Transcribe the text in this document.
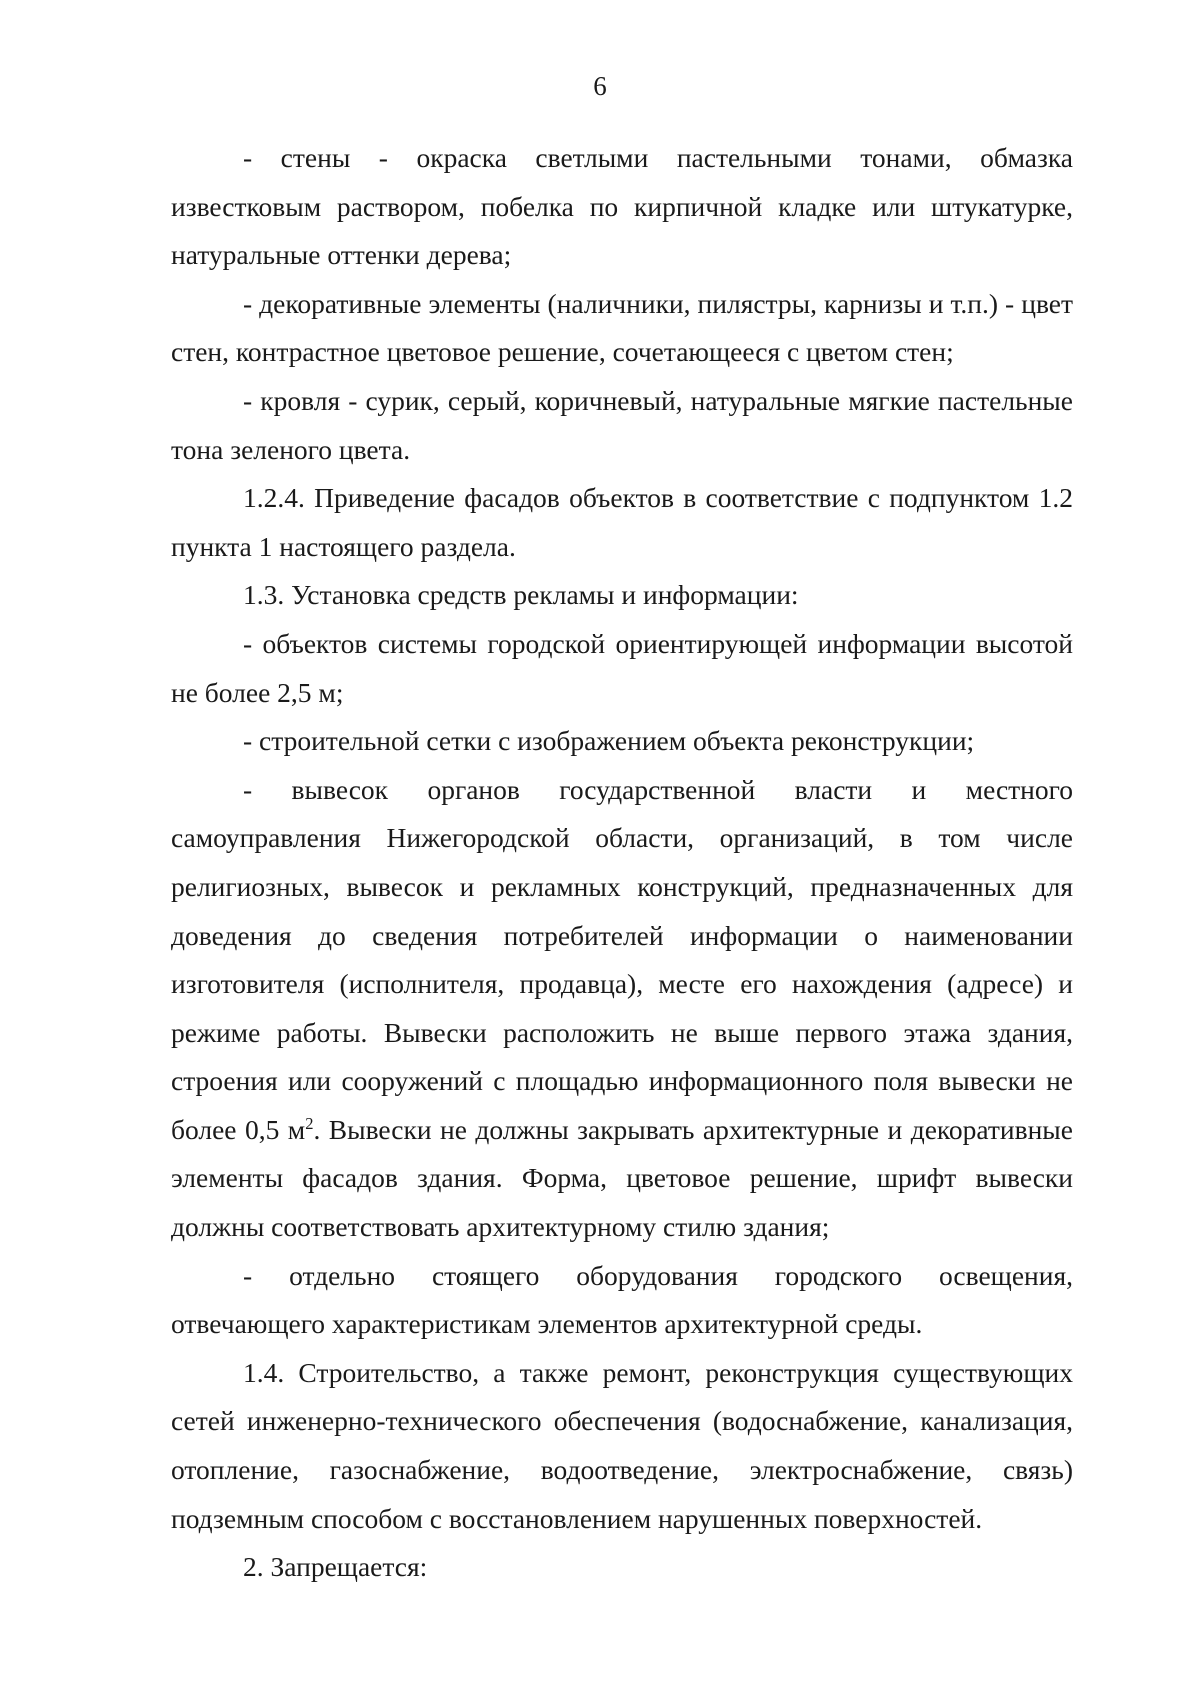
6

- стены - окраска светлыми пастельными тонами, обмазка известковым раствором, побелка по кирпичной кладке или штукатурке, натуральные оттенки дерева;

- декоративные элементы (наличники, пилястры, карнизы и т.п.) - цвет стен, контрастное цветовое решение, сочетающееся с цветом стен;

- кровля - сурик, серый, коричневый, натуральные мягкие пастельные тона зеленого цвета.

1.2.4. Приведение фасадов объектов в соответствие с подпунктом 1.2 пункта 1 настоящего раздела.

1.3. Установка средств рекламы и информации:

- объектов системы городской ориентирующей информации высотой не более 2,5 м;

- строительной сетки с изображением объекта реконструкции;

- вывесок органов государственной власти и местного самоуправления Нижегородской области, организаций, в том числе религиозных, вывесок и рекламных конструкций, предназначенных для доведения до сведения потребителей информации о наименовании изготовителя (исполнителя, продавца), месте его нахождения (адресе) и режиме работы. Вывески расположить не выше первого этажа здания, строения или сооружений с площадью информационного поля вывески не более 0,5 $м^2$. Вывески не должны закрывать архитектурные и декоративные элементы фасадов здания. Форма, цветовое решение, шрифт вывески должны соответствовать архитектурному стилю здания;

- отдельно стоящего оборудования городского освещения, отвечающего характеристикам элементов архитектурной среды.

1.4. Строительство, а также ремонт, реконструкция существующих сетей инженерно-технического обеспечения (водоснабжение, канализация, отопление, газоснабжение, водоотведение, электроснабжение, связь) подземным способом с восстановлением нарушенных поверхностей.

2. Запрещается:
